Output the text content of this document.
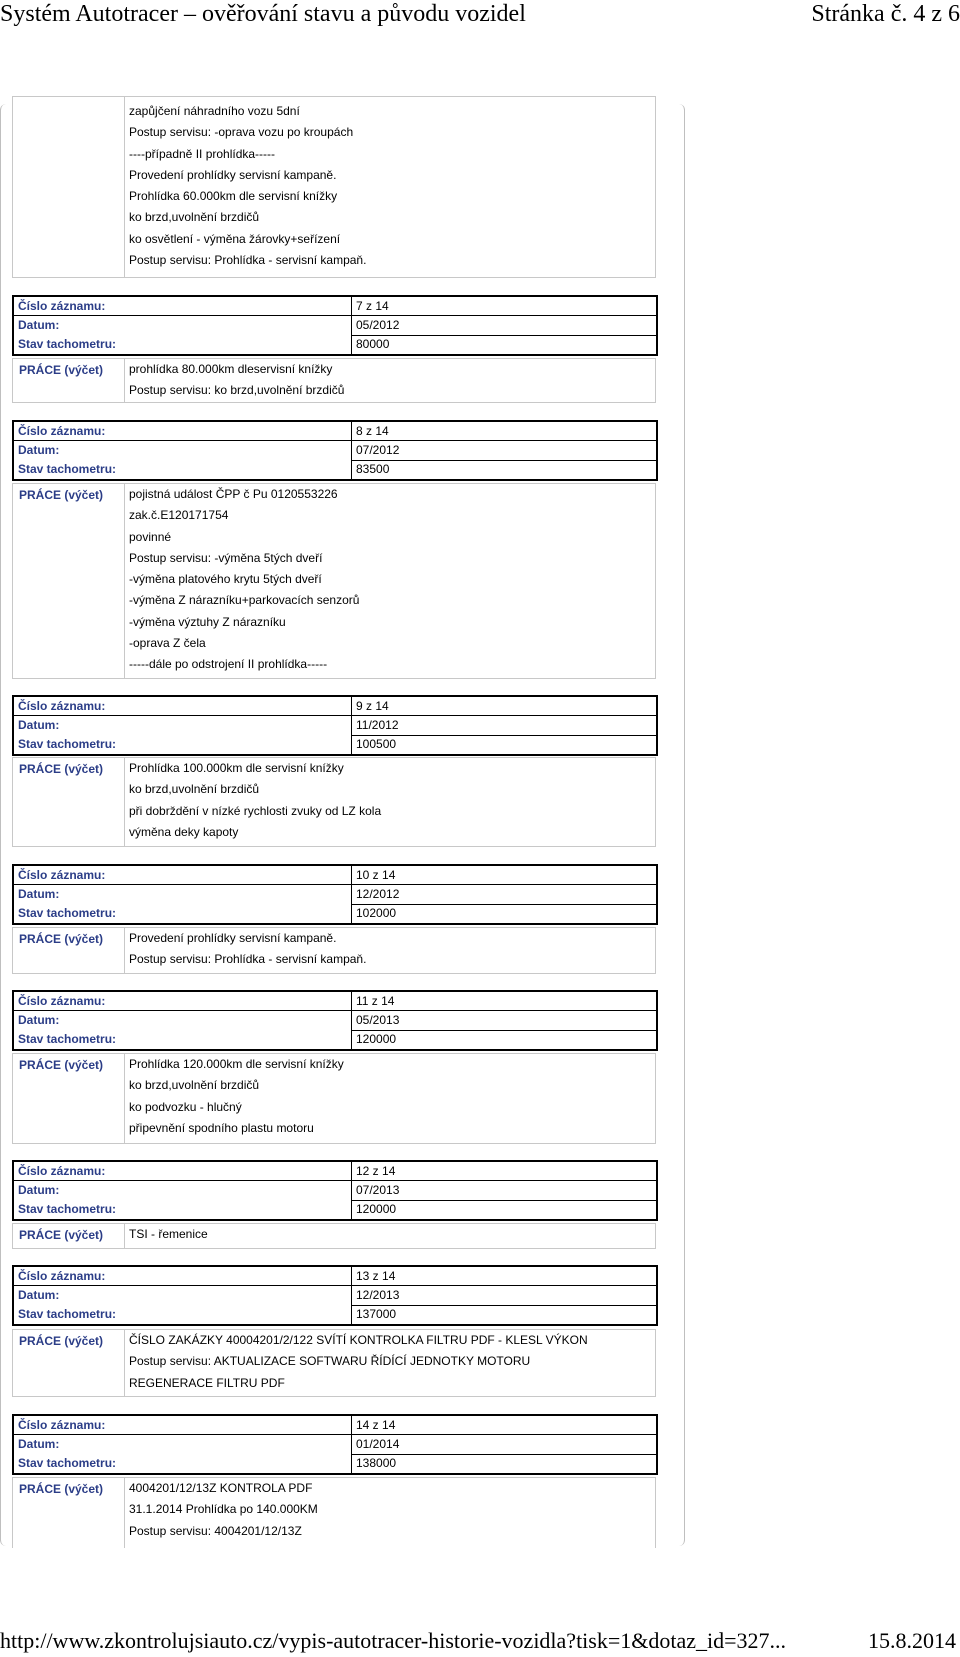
Systém Autotracer – ověřování stavu a původu vozidel	Stránka č. 4 z 6
zapůjčení náhradního vozu 5dní
Postup servisu: -oprava vozu po kroupách
----případně II prohlídka-----
Provedení prohlídky servisní kampaně.
Prohlídka 60.000km dle servisní knížky
ko brzd,uvolnění brzdičů
ko osvětlení - výměna žárovky+seřízení
Postup servisu: Prohlídka - servisní kampaň.
Číslo záznamu:	7 z 14
Datum:	05/2012
Stav tachometru:	80000
PRÁCE (výčet) prohlídka 80.000km dleservisní knížky
Postup servisu: ko brzd,uvolnění brzdičů
Číslo záznamu:	8 z 14
Datum:	07/2012
Stav tachometru:	83500
PRÁCE (výčet) pojistná událost ČPP č Pu 0120553226
zak.č.E120171754
povinné
Postup servisu: -výměna 5tých dveří
-výměna platového krytu 5tých dveří
-výměna Z nárazníku+parkovacích senzorů
-výměna výztuhy Z nárazníku
-oprava Z čela
-----dále po odstrojení II prohlídka-----
Číslo záznamu:	9 z 14
Datum:	11/2012
Stav tachometru:	100500
PRÁCE (výčet) Prohlídka 100.000km dle servisní knížky
ko brzd,uvolnění brzdičů
při dobrždění v nízké rychlosti zvuky od LZ kola
výměna deky kapoty
Číslo záznamu:	10 z 14
Datum:	12/2012
Stav tachometru:	102000
PRÁCE (výčet) Provedení prohlídky servisní kampaně.
Postup servisu: Prohlídka - servisní kampaň.
Číslo záznamu:	11 z 14
Datum:	05/2013
Stav tachometru:	120000
PRÁCE (výčet) Prohlídka 120.000km dle servisní knížky
ko brzd,uvolnění brzdičů
ko podvozku - hlučný
připevnění spodního plastu motoru
Číslo záznamu:	12 z 14
Datum:	07/2013
Stav tachometru:	120000
PRÁCE (výčet) TSI - řemenice
Číslo záznamu:	13 z 14
Datum:	12/2013
Stav tachometru:	137000
PRÁCE (výčet) ČÍSLO ZAKÁZKY 40004201/2/122 SVÍTÍ KONTROLKA FILTRU PDF - KLESL VÝKON
Postup servisu: AKTUALIZACE SOFTWARU ŘÍDÍCÍ JEDNOTKY MOTORU
REGENERACE FILTRU PDF
Číslo záznamu:	14 z 14
Datum:	01/2014
Stav tachometru:	138000
PRÁCE (výčet) 4004201/12/13Z KONTROLA PDF
31.1.2014 Prohlídka po 140.000KM
Postup servisu: 4004201/12/13Z
http://www.zkontrolujsiauto.cz/vypis-autotracer-historie-vozidla?tisk=1&dotaz_id=327...	15.8.2014
